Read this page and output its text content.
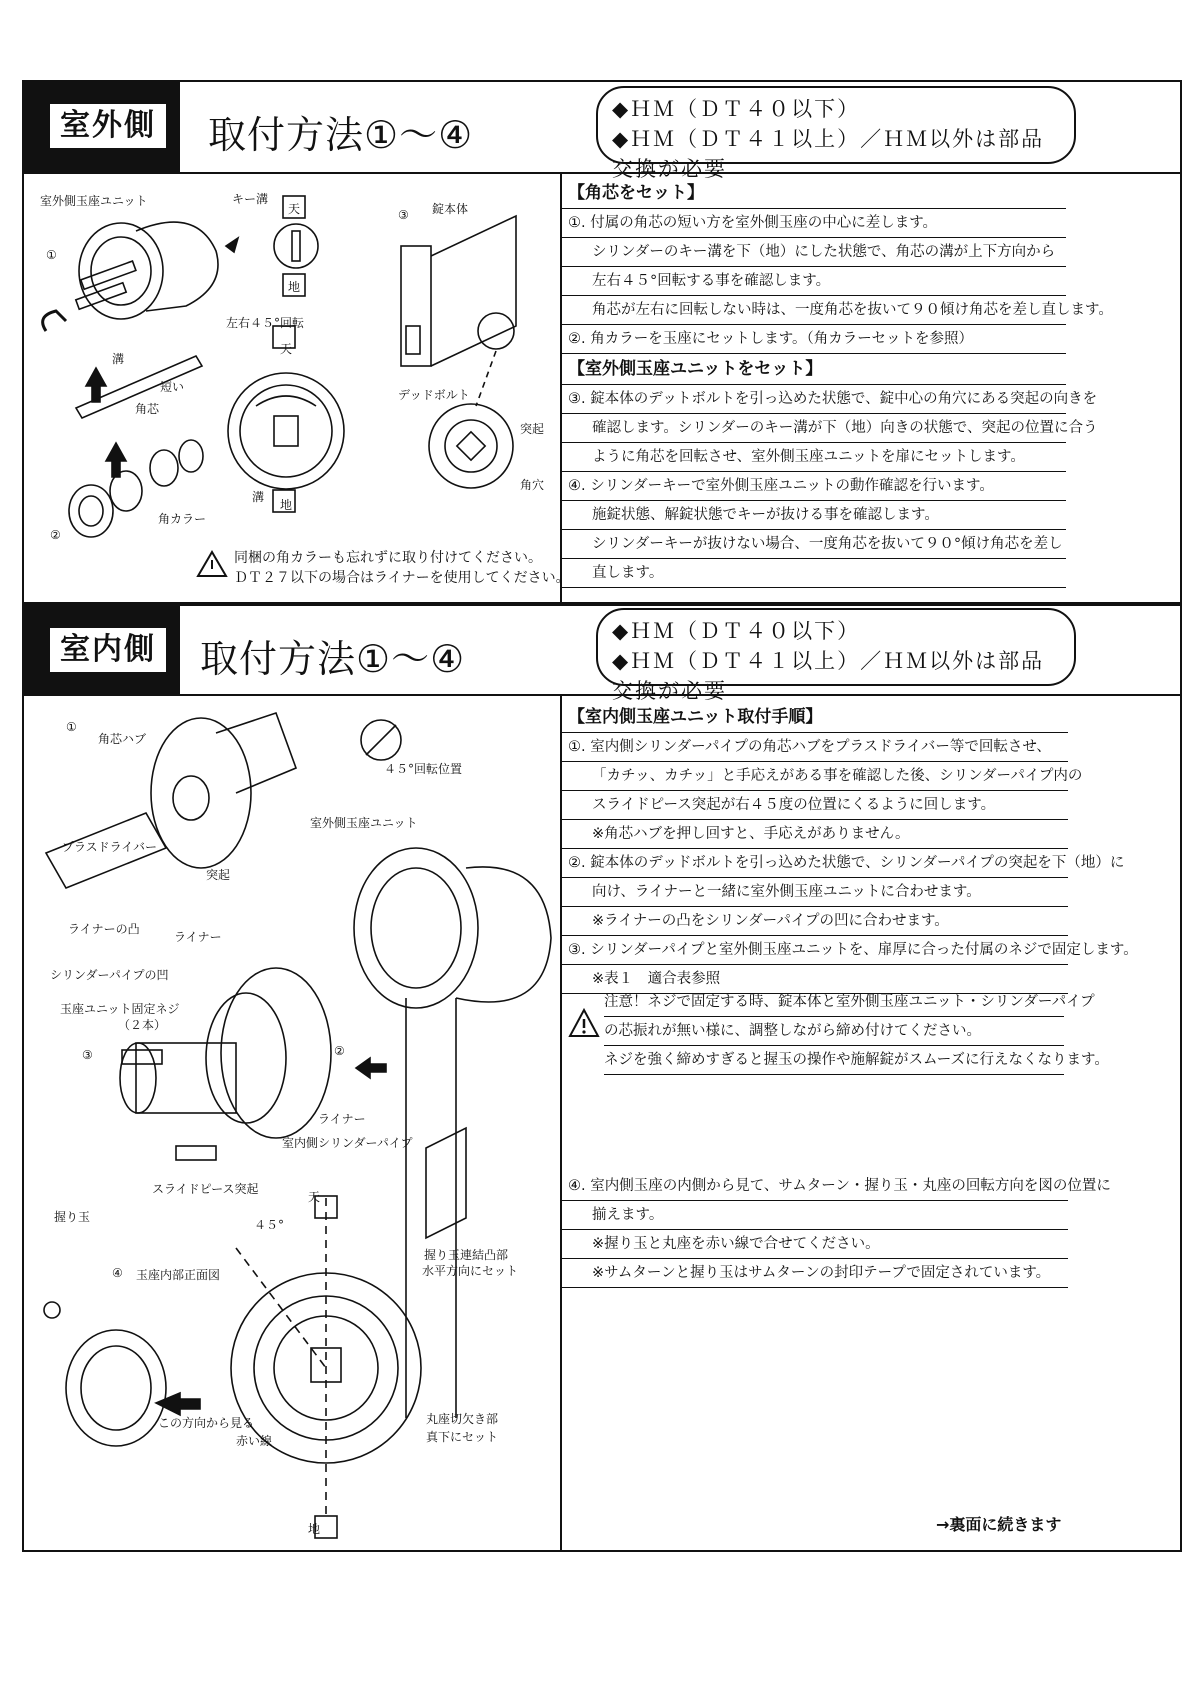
室外側	取付方法①〜④
◆ＨＭ（ＤＴ４０以下）
◆ＨＭ（ＤＴ４１以上）／ＨＭ以外は部品交換が必要
室外側玉座ユニット	キー溝
天
地
③ 錠本体
①
左右４５°回転
天
溝
短い
角芯
デッドボルト
突起
角穴
溝
地
角カラー
②
同梱の角カラーも忘れずに取り付けてください。
ＤＴ２７以下の場合はライナーを使用してください。
【角芯をセット】
①. 付属の角芯の短い方を室外側玉座の中心に差します。
シリンダーのキー溝を下（地）にした状態で、角芯の溝が上下方向から
左右４５°回転する事を確認します。
角芯が左右に回転しない時は、一度角芯を抜いて９０傾け角芯を差し直します。
②. 角カラーを玉座にセットします。（角カラーセットを参照）
【室外側玉座ユニットをセット】
③. 錠本体のデットボルトを引っ込めた状態で、錠中心の角穴にある突起の向きを
確認します。シリンダーのキー溝が下（地）向きの状態で、突起の位置に合う
ように角芯を回転させ、室外側玉座ユニットを扉にセットします。
④. シリンダーキーで室外側玉座ユニットの動作確認を行います。
施錠状態、解錠状態でキーが抜ける事を確認します。
シリンダーキーが抜けない場合、一度角芯を抜いて９０°傾け角芯を差し
直します。
室内側	取付方法①〜④
◆ＨＭ（ＤＴ４０以下）
◆ＨＭ（ＤＴ４１以上）／ＨＭ以外は部品交換が必要
①
角芯ハブ
４５°回転位置
室外側玉座ユニット
プラスドライバー
突起
ライナーの凸
ライナー
シリンダーパイプの凹
玉座ユニット固定ネジ
（２本）
③	②
ライナー
室内側シリンダーパイプ
スライドピース突起
天
握り玉
４５°
握り玉連結凸部
④ 玉座内部正面図	水平方向にセット
この方向から見る	丸座切欠き部
真下にセット
赤い線
地
【室内側玉座ユニット取付手順】
①. 室内側シリンダーパイプの角芯ハブをプラスドライバー等で回転させ、
「カチッ、カチッ」と手応えがある事を確認した後、シリンダーパイプ内の
スライドピース突起が右４５度の位置にくるように回します。
※角芯ハブを押し回すと、手応えがありません。
②. 錠本体のデッドボルトを引っ込めた状態で、シリンダーパイプの突起を下（地）に
向け、ライナーと一緒に室外側玉座ユニットに合わせます。
※ライナーの凸をシリンダーパイプの凹に合わせます。
③. シリンダーパイプと室外側玉座ユニットを、扉厚に合った付属のネジで固定します。
※表１　適合表参照
注意！ネジで固定する時、錠本体と室外側玉座ユニット・シリンダーパイプ
の芯振れが無い様に、調整しながら締め付けてください。
ネジを強く締めすぎると握玉の操作や施解錠がスムーズに行えなくなります。
④. 室内側玉座の内側から見て、サムターン・握り玉・丸座の回転方向を図の位置に
揃えます。
※握り玉と丸座を赤い線で合せてください。
※サムターンと握り玉はサムターンの封印テープで固定されています。
→裏面に続きます
